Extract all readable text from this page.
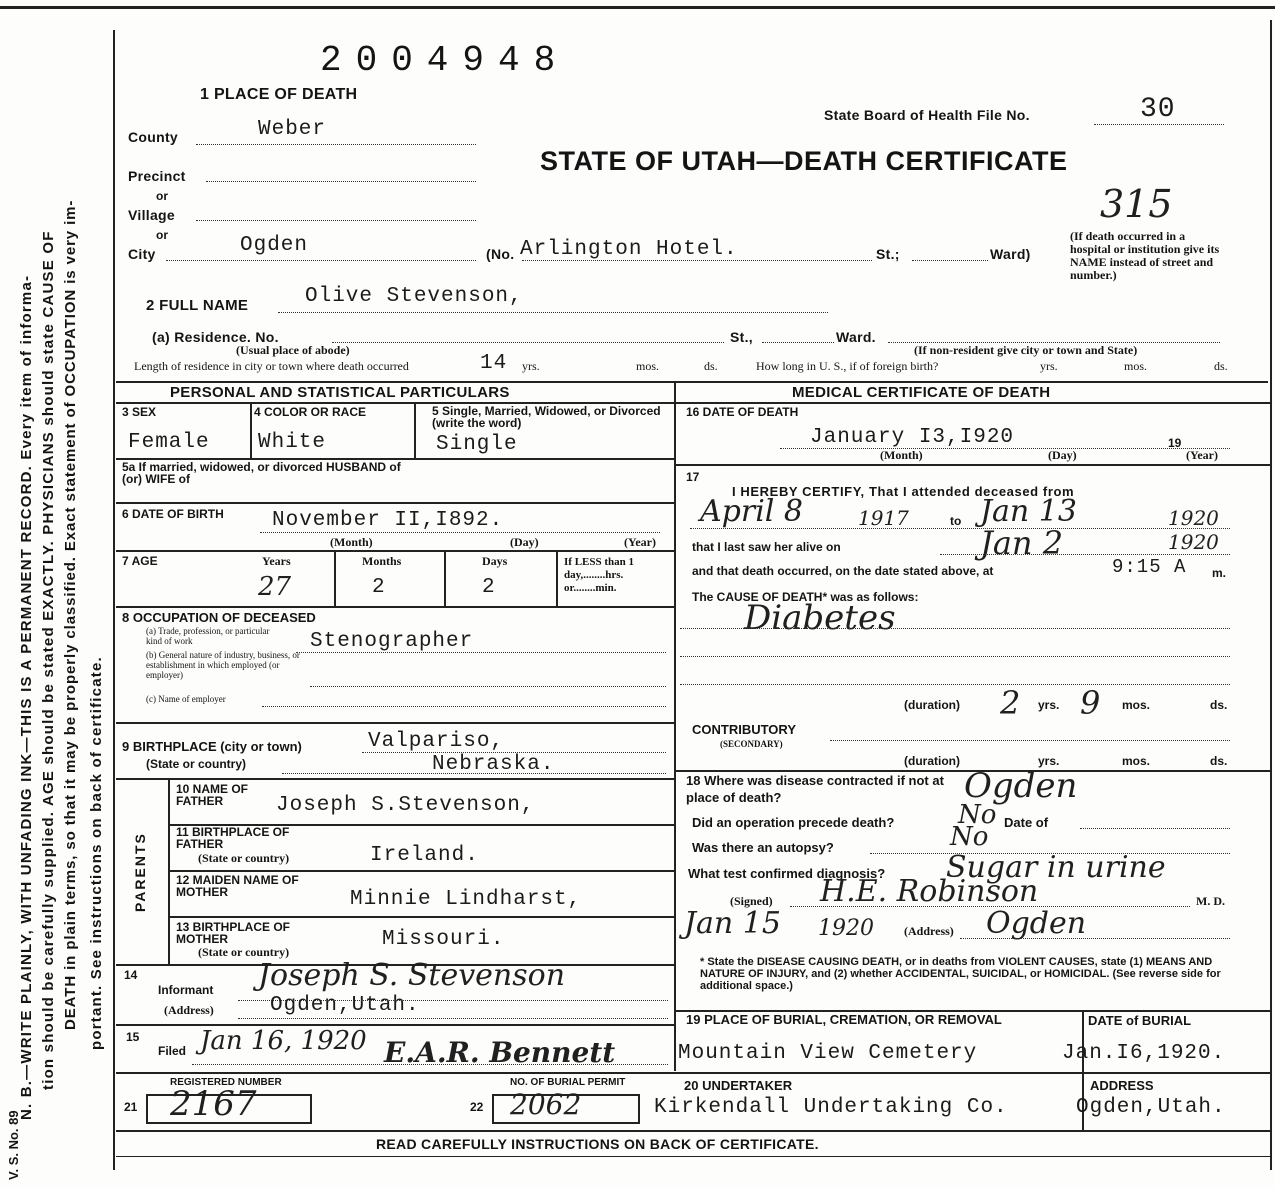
V. S. No. 89
N. B.—WRITE PLAINLY, WITH UNFADING INK—THIS IS A PERMANENT RECORD. Every item of informa- tion should be carefully supplied. AGE should be stated EXACTLY. PHYSICIANS should state CAUSE OF DEATH in plain terms, so that it may be properly classified. Exact statement of OCCUPATION is very im- portant. See instructions on back of certificate.
2004948
1 PLACE OF DEATH
State Board of Health File No.	30
STATE OF UTAH—DEATH CERTIFICATE
315
County	Weber
Precinct
or
Village
or
City	Ogden	(No. Arlington Hotel.	St.;	Ward)
(If death occurred in a hospital or institution give its NAME instead of street and number.)
2 FULL NAME	Olive Stevenson,
(a) Residence. No.	St.,	Ward.
(Usual place of abode)	(If non-resident give city or town and State)
Length of residence in city or town where death occurred	14 yrs.	mos.	ds.	How long in U. S., if of foreign birth?	yrs.	mos.	ds.
PERSONAL AND STATISTICAL PARTICULARS
3 SEX
Female
4 COLOR OR RACE
White
5 Single, Married, Widowed, or Divorced (write the word)
Single
5a If married, widowed, or divorced HUSBAND of (or) WIFE of
6 DATE OF BIRTH November II,I892.
(Month)	(Day)	(Year)
7 AGE	Years	Months	Days	If LESS than 1 day,........hrs. or........min.
27	2	2
8 OCCUPATION OF DECEASED
(a) Trade, profession, or particular kind of work
(b) General nature of industry, business, or establishment in which employed (or employer)
(c) Name of employer
Stenographer
9 BIRTHPLACE (city or town)	Valpariso,
(State or country)	Nebraska.
PARENTS
10 NAME OF FATHER	Joseph S.Stevenson,
11 BIRTHPLACE OF FATHER
(State or country)	Ireland.
12 MAIDEN NAME OF MOTHER	Minnie Lindharst,
13 BIRTHPLACE OF MOTHER
(State or country)
Missouri.
14
Informant Joseph S. Stevenson
(Address)	Ogden,Utah.
15
Filed Jan 16, 1920 E.A.R. Bennett
REGISTERED NUMBER	NO. OF BURIAL PERMIT
21 2167	22 2062
MEDICAL CERTIFICATE OF DEATH
16 DATE OF DEATH
January I3,I920	19
(Month)	(Day)	(Year)
17
I HEREBY CERTIFY, That I attended deceased from
April 8	1917	to Jan 13	1920
that I last saw her alive on	Jan 2	1920
and that death occurred, on the date stated above, at	9:15 A m.
The CAUSE OF DEATH* was as follows:
Diabetes
(duration) 2 yrs. 9 mos.	ds.
CONTRIBUTORY
(SECONDARY)
(duration)	yrs.	mos.	ds.
18 Where was disease contracted if not at place of death?	Ogden
Did an operation precede death? No Date of
Was there an autopsy?	No
What test confirmed diagnosis? Sugar in urine
(Signed) H.E. Robinson	M. D.
Jan 15 1920	(Address) Ogden
* State the DISEASE CAUSING DEATH, or in deaths from VIOLENT CAUSES, state (1) MEANS AND NATURE OF INJURY, and (2) whether ACCIDENTAL, SUICIDAL, or HOMICIDAL. (See reverse side for additional space.)
19 PLACE OF BURIAL, CREMATION, OR REMOVAL
Mountain View Cemetery
DATE of BURIAL
Jan.I6,1920.
20 UNDERTAKER
Kirkendall Undertaking Co.
ADDRESS
Ogden,Utah.
READ CAREFULLY INSTRUCTIONS ON BACK OF CERTIFICATE.
